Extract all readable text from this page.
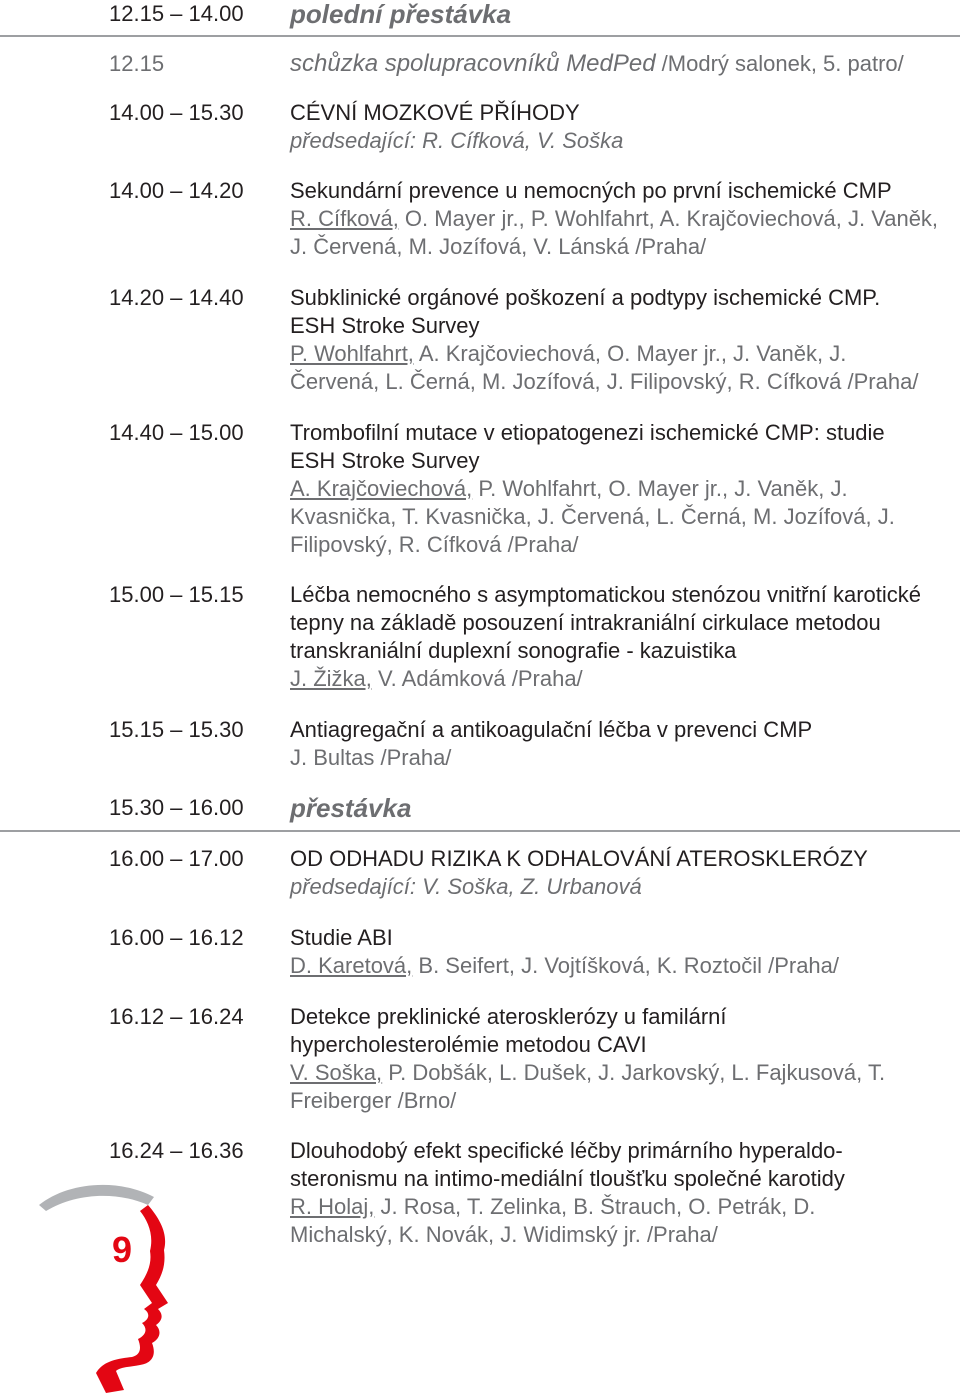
12.15 – 14.00 polední přestávka
12.15	schůzka spolupracovníků MedPed /Modrý salonek, 5. patro/
14.00 – 15.30 CÉVNÍ MOZKOVÉ PŘÍHODY
předsedající: R. Cífková, V. Soška
14.00 – 14.20 Sekundární prevence u nemocných po první ischemické CMP
R. Cífková, O. Mayer jr., P. Wohlfahrt, A. Krajčoviechová, J. Vaněk, J. Červená, M. Jozífová, V. Lánská /Praha/
14.20 – 14.40 Subklinické orgánové poškození a podtypy ischemické CMP. ESH Stroke Survey
P. Wohlfahrt, A. Krajčoviechová, O. Mayer jr., J. Vaněk, J. Červená, L. Černá, M. Jozífová, J. Filipovský, R. Cífková /Praha/
14.40 – 15.00 Trombofilní mutace v etiopatogenezi ischemické CMP: studie ESH Stroke Survey
A. Krajčoviechová, P. Wohlfahrt, O. Mayer jr., J. Vaněk, J. Kvasnička, T. Kvasnička, J. Červená, L. Černá, M. Jozífová, J. Filipovský, R. Cífková /Praha/
15.00 – 15.15 Léčba nemocného s asymptomatickou stenózou vnitřní karotické tepny na základě posouzení intrakraniální cirkulace metodou transkraniální duplexní sonografie - kazuistika
J. Žižka, V. Adámková /Praha/
15.15 – 15.30 Antiagregační a antikoagulační léčba v prevenci CMP
J. Bultas /Praha/
15.30 – 16.00 přestávka
16.00 – 17.00 OD ODHADU RIZIKA K ODHALOVÁNÍ ATEROSKLERÓZY
předsedající: V. Soška, Z. Urbanová
16.00 – 16.12 Studie ABI
D. Karetová, B. Seifert, J. Vojtíšková, K. Roztočil /Praha/
16.12 – 16.24 Detekce preklinické aterosklerózy u familární hypercholesterolémie metodou CAVI
V. Soška, P. Dobšák, L. Dušek, J. Jarkovský, L. Fajkusová, T. Freiberger /Brno/
16.24 – 16.36 Dlouhodobý efekt specifické léčby primárního hyperaldo-steronismu na intimo-mediální tloušťku společné karotidy
R. Holaj, J. Rosa, T. Zelinka, B. Štrauch, O. Petrák, D. Michalský, K. Novák, J. Widimský jr. /Praha/
9
